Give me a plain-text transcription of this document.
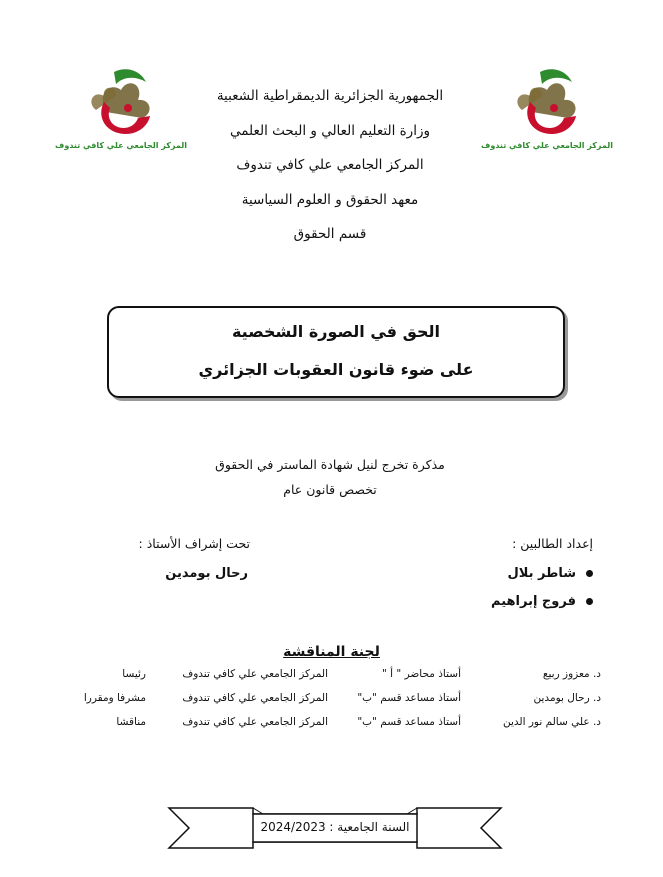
المركز الجامعي علي كافي تندوف	المركز الجامعي علي كافي تندوف
الجمهورية الجزائرية الديمقراطية الشعبية
وزارة التعليم العالي و البحث العلمي
المركز الجامعي علي كافي تندوف
معهد الحقوق و العلوم السياسية
قسم الحقوق
الحق في الصورة الشخصية
على ضوء قانون العقوبات الجزائري
مذكرة تخرج لنيل شهادة الماستر في الحقوق
تخصص قانون عام
إعداد الطالبين :
تحت إشراف الأستاذ :
شاطر بلال
فروج إبراهيم
رحال بومدين
لجنة المناقشة
د. معزوز ربيع
أستاذ محاضر " أ "
المركز الجامعي علي كافي تندوف
رئيسا
د. رحال بومدين
أستاذ مساعد قسم "ب"
المركز الجامعي علي كافي تندوف
مشرفا ومقررا
د. علي سالم نور الدين
أستاذ مساعد قسم "ب"
المركز الجامعي علي كافي تندوف
مناقشا
السنة الجامعية : 2024/2023
